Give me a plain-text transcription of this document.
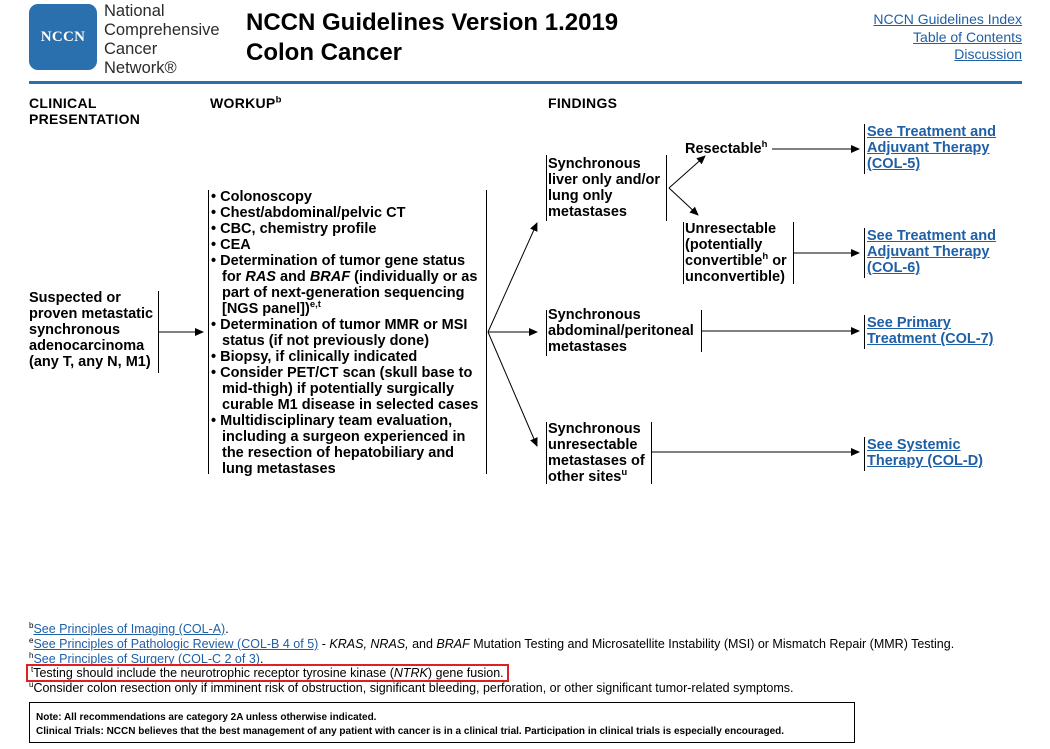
NCCN
National
Comprehensive
Cancer
Network®
NCCN Guidelines Version 1.2019
Colon Cancer
NCCN Guidelines Index
Table of Contents
Discussion
CLINICAL PRESENTATION
WORKUP$^b$	FINDINGS
Suspected or proven metastatic synchronous adenocarcinoma (any T, any N, M1)
• Colonoscopy
• Chest/abdominal/pelvic CT
• CBC, chemistry profile
• CEA
• Determination of tumor gene status for RAS and BRAF (individually or as part of next-generation sequencing [NGS panel])$^{e,t}$
• Determination of tumor MMR or MSI status (if not previously done)
• Biopsy, if clinically indicated
• Consider PET/CT scan (skull base to mid-thigh) if potentially surgically curable M1 disease in selected cases
• Multidisciplinary team evaluation, including a surgeon experienced in the resection of hepatobiliary and lung metastases
Synchronous liver only and/or lung only metastases
Synchronous abdominal/peritoneal metastases
Synchronous unresectable metastases of other sites$^u$
Resectable$^h$
Unresectable (potentially convertible$^h$ or unconvertible)
See Treatment and Adjuvant Therapy (COL-5)
See Treatment and Adjuvant Therapy (COL-6)
See Primary Treatment (COL-7)
See Systemic Therapy (COL-D)
$^b$See Principles of Imaging (COL-A).
$^e$See Principles of Pathologic Review (COL-B 4 of 5) - KRAS, NRAS, and BRAF Mutation Testing and Microsatellite Instability (MSI) or Mismatch Repair (MMR) Testing.
$^h$See Principles of Surgery (COL-C 2 of 3).
$^t$Testing should include the neurotrophic receptor tyrosine kinase (NTRK) gene fusion.
$^u$Consider colon resection only if imminent risk of obstruction, significant bleeding, perforation, or other significant tumor-related symptoms.
Note: All recommendations are category 2A unless otherwise indicated.
Clinical Trials: NCCN believes that the best management of any patient with cancer is in a clinical trial. Participation in clinical trials is especially encouraged.
